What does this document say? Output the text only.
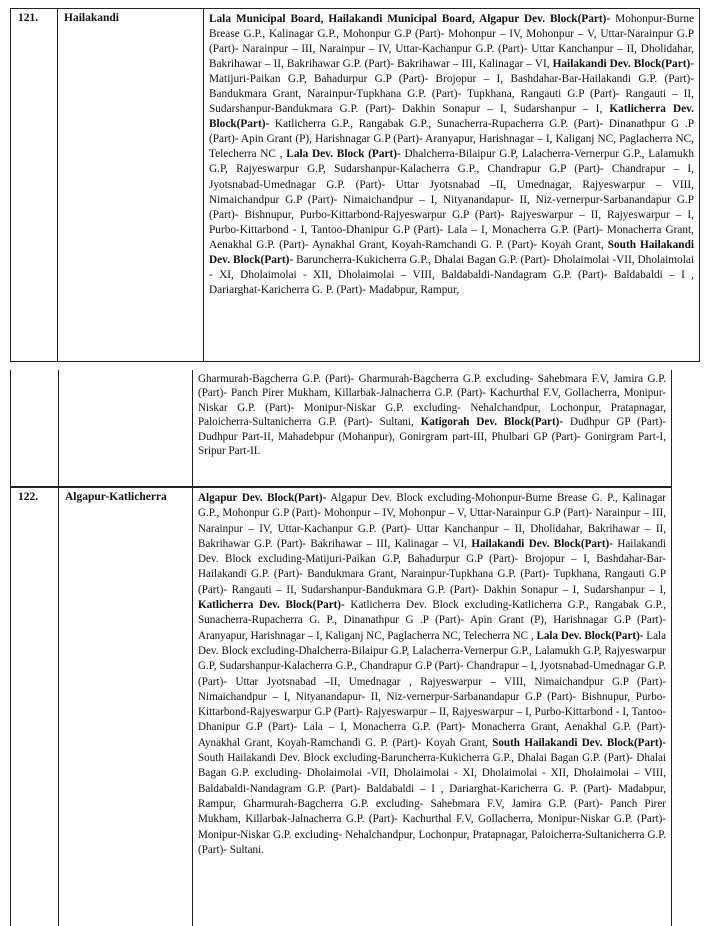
121.	Hailakandi	Lala Municipal Board, Hailakandi Municipal Board, Algapur Dev. Block(Part)- Mohonpur-Burne Brease G.P., Kalinagar G.P., Mohonpur G.P (Part)- Mohonpur – IV, Mohonpur – V, Uttar-Narainpur G.P (Part)- Narainpur – III, Narainpur – IV, Uttar-Kachanpur G.P. (Part)- Uttar Kanchanpur – II, Dholidahar, Bakrihawar – II, Bakrihawar G.P. (Part)- Bakrihawar – III, Kalinagar – VI, Hailakandi Dev. Block(Part)- Matijuri-Paikan G.P, Bahadurpur G.P (Part)- Brojopur – I, Bashdahar-Bar-Hailakandi G.P. (Part)- Bandukmara Grant, Narainpur-Tupkhana G.P. (Part)- Tupkhana, Rangauti G.P (Part)- Rangauti – II, Sudarshanpur-Bandukmara G.P. (Part)- Dakhin Sonapur – I, Sudarshanpur – I, Katlicherra Dev. Block(Part)- Katlicherra G.P., Rangabak G.P., Sunacherra-Rupacherra G.P. (Part)- Dinanathpur G .P (Part)- Apin Grant (P), Harishnagar G.P (Part)- Aranyapur, Harishnagar – I, Kaliganj NC, Paglacherra NC, Telecherra NC , Lala Dev. Block (Part)- Dhalcherra-Bilaipur G.P, Lalacherra-Vernerpur G.P., Lalamukh G.P, Rajyeswarpur G.P, Sudarshanpur-Kalacherra G.P., Chandrapur G.P (Part)- Chandrapur – I, Jyotsnabad-Umednagar G.P. (Part)- Uttar Jyotsnabad –II, Umednagar, Rajyeswarpur – VIII, Nimaichandpur G.P (Part)- Nimaichandpur – I, Nityanandapur- II, Niz-vernerpur-Sarbanandapur G.P (Part)- Bishnupur, Purbo-Kittarbond-Rajyeswarpur G.P (Part)- Rajyeswarpur – II, Rajyeswarpur – I, Purbo-Kittarbond - I, Tantoo-Dhanipur G.P (Part)- Lala – I, Monacherra G.P. (Part)- Monacherra Grant, Aenakhal G.P. (Part)- Aynakhal Grant, Koyah-Ramchandi G. P. (Part)- Koyah Grant, South Hailakandi Dev. Block(Part)- Baruncherra-Kukicherra G.P., Dhalai Bagan G.P. (Part)- Dholaimolai -VII, Dholaimolai - XI, Dholaimolai - XII, Dholaimolai – VIII, Baldabaldi-Nandagram G.P. (Part)- Baldabaldi – I , Dariarghat-Karicherra G. P. (Part)- Madabpur, Rampur,
Gharmurah-Bagcherra G.P. (Part)- Gharmurah-Bagcherra G.P. excluding- Sahebmara F.V, Jamira G.P. (Part)- Panch Pirer Mukham, Killarbak-Jalnacherra G.P. (Part)- Kachurthal F.V, Gollacherra, Monipur-Niskar G.P. (Part)- Monipur-Niskar G.P. excluding- Nehalchandpur, Lochonpur, Pratapnagar, Paloicherra-Sultanicherra G.P. (Part)- Sultani, Katigorah Dev. Block(Part)- Dudhpur GP (Part)- Dudhpur Part-II, Mahadebpur (Mohanpur), Gonirgram part-III, Phulbari GP (Part)- Gonirgram Part-I, Sripur Part-II.
122.	Algapur-Katlicherra	Algapur Dev. Block(Part)- Algapur Dev. Block excluding-Mohonpur-Burne Brease G. P., Kalinagar G.P., Mohonpur G.P (Part)- Mohonpur – IV, Mohonpur – V, Uttar-Narainpur G.P (Part)- Narainpur – III, Narainpur – IV, Uttar-Kachanpur G.P. (Part)- Uttar Kanchanpur – II, Dholidahar, Bakrihawar – II, Bakrihawar G.P. (Part)- Bakrihawar – III, Kalinagar – VI, Hailakandi Dev. Block(Part)- Hailakandi Dev. Block excluding-Matijuri-Paikan G.P, Bahadurpur G.P (Part)- Brojopur – I, Bashdahar-Bar-Hailakandi G.P. (Part)- Bandukmara Grant, Narainpur-Tupkhana G.P. (Part)- Tupkhana, Rangauti G.P (Part)- Rangauti – II, Sudarshanpur-Bandukmara G.P. (Part)- Dakhin Sonapur – I, Sudarshanpur – I, Katlicherra Dev. Block(Part)- Katlicherra Dev. Block excluding-Katlicherra G.P., Rangabak G.P., Sunacherra-Rupacherra G. P., Dinanathpur G .P (Part)- Apin Grant (P), Harishnagar G.P (Part)- Aranyapur, Harishnagar – I, Kaliganj NC, Paglacherra NC, Telecherra NC , Lala Dev. Block(Part)- Lala Dev. Block excluding-Dhalcherra-Bilaipur G.P, Lalacherra-Vernerpur G.P., Lalamukh G.P, Rajyeswarpur G.P, Sudarshanpur-Kalacherra G.P., Chandrapur G.P (Part)- Chandrapur – I, Jyotsnabad-Umednagar G.P. (Part)- Uttar Jyotsnabad –II, Umednagar , Rajyeswarpur – VIII, Nimaichandpur G.P (Part)- Nimaichandpur – I, Nityanandapur- II, Niz-vernerpur-Sarbanandapur G.P (Part)- Bishnupur, Purbo-Kittarbond-Rajyeswarpur G.P (Part)- Rajyeswarpur – II, Rajyeswarpur – I, Purbo-Kittarbond - I, Tantoo-Dhanipur G.P (Part)- Lala – I, Monacherra G.P. (Part)- Monacherra Grant, Aenakhal G.P. (Part)- Aynakhal Grant, Koyah-Ramchandi G. P. (Part)- Koyah Grant, South Hailakandi Dev. Block(Part)- South Hailakandi Dev. Block excluding-Baruncherra-Kukicherra G.P., Dhalai Bagan G.P. (Part)- Dhalai Bagan G.P. excluding- Dholaimolai -VII, Dholaimolai - XI, Dholaimolai - XII, Dholaimolai – VIII, Baldabaldi-Nandagram G.P. (Part)- Baldabaldi – I , Dariarghat-Karicherra G. P. (Part)- Madabpur, Rampur, Gharmurah-Bagcherra G.P. excluding- Sahebmara F.V, Jamira G.P. (Part)- Panch Pirer Mukham, Killarbak-Jalnacherra G.P. (Part)- Kachurthal F.V, Gollacherra, Monipur-Niskar G.P. (Part)- Monipur-Niskar G.P. excluding- Nehalchandpur, Lochonpur, Pratapnagar, Paloicherra-Sultanicherra G.P. (Part)- Sultani.
